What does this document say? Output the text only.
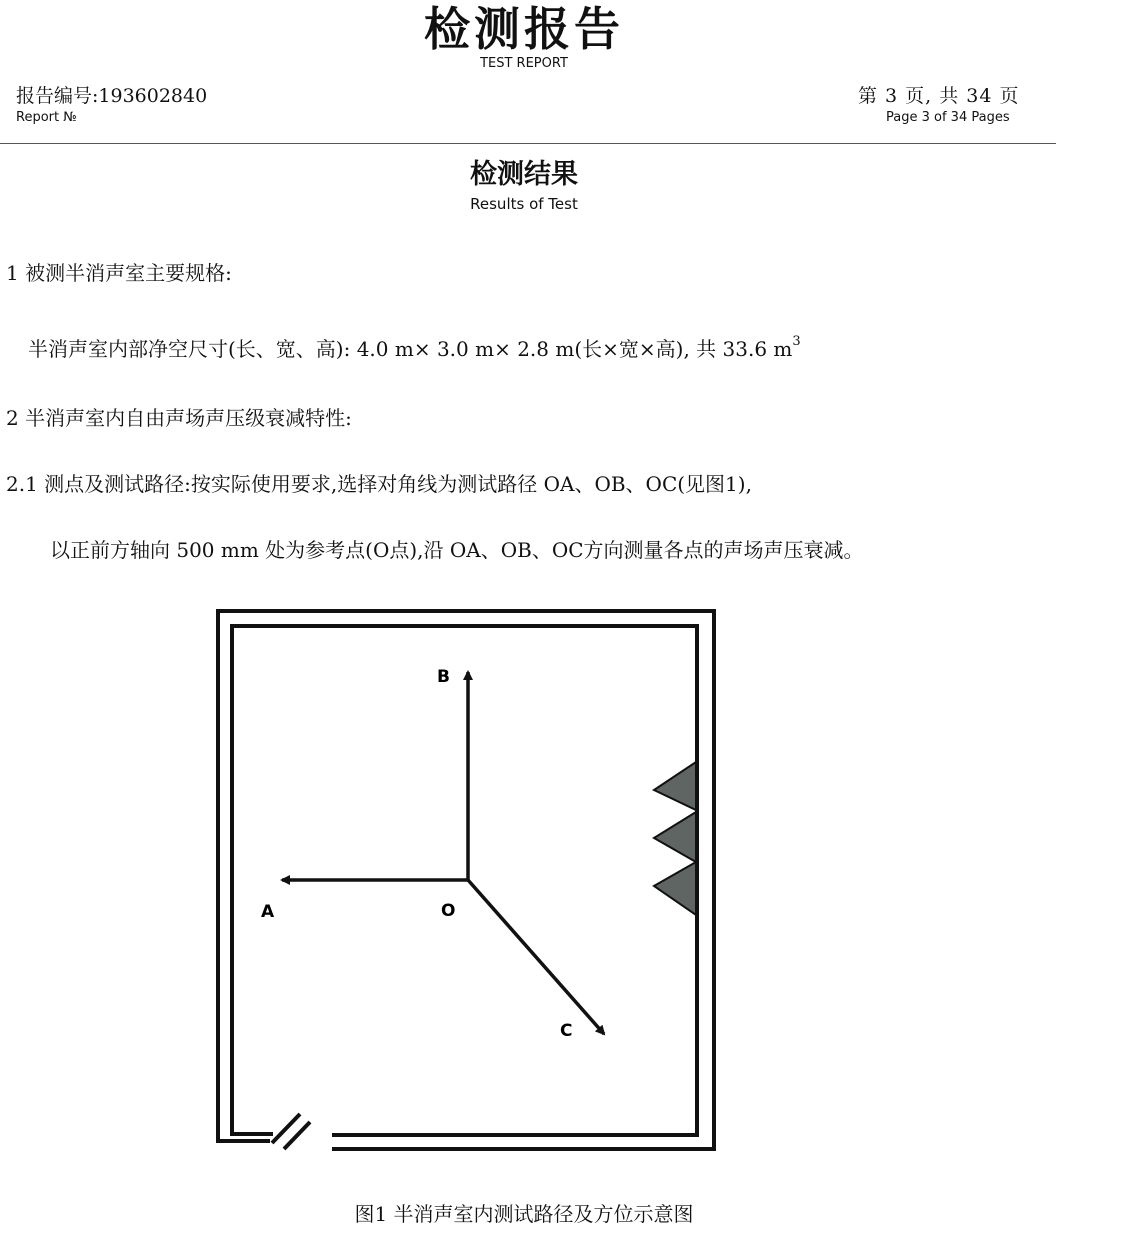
检测报告
TEST REPORT
报告编号:193602840
Report №
第 3 页, 共 34 页
Page 3 of 34 Pages
检测结果
Results of Test
1 被测半消声室主要规格:
半消声室内部净空尺寸(长、宽、高): 4.0 m× 3.0 m× 2.8 m(长×宽×高), 共 33.6 $m^3$
2 半消声室内自由声场声压级衰减特性:
2.1 测点及测试路径:按实际使用要求,选择对角线为测试路径 OA、OB、OC(见图1),
以正前方轴向 500 mm 处为参考点(O点),沿 OA、OB、OC方向测量各点的声场声压衰减。
B
A	O
C
图1 半消声室内测试路径及方位示意图
